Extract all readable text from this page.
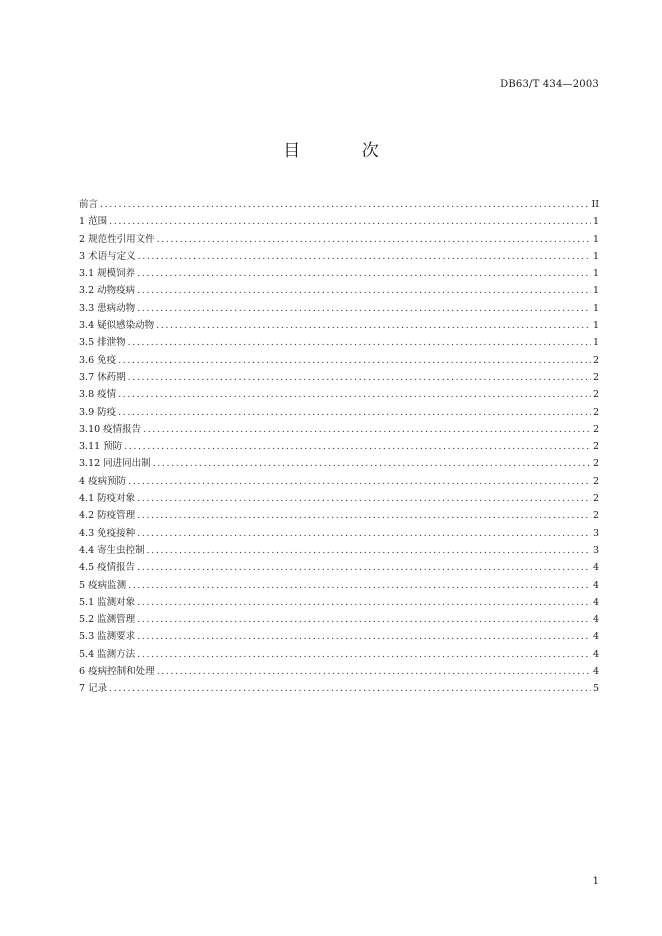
DB63/T 434—2003
目 次
前言 .....	II
1 范围 .....	1
2 规范性引用文件 .....	1
3 术语与定义 .....	1
3.1 规模饲养 .....	1
3.2 动物疫病 .....	1
3.3 患病动物 .....	1
3.4 疑似感染动物 .....	1
3.5 排泄物 .....	1
3.6 免疫 .....	2
3.7 休药期 .....	2
3.8 疫情 .....	2
3.9 防疫 .....	2
3.10 疫情报告 .....	2
3.11 预防 .....	2
3.12 同进同出制 .....	2
4 疫病预防 .....	2
4.1 防疫对象 .....	2
4.2 防疫管理 .....	2
4.3 免疫接种 .....	3
4.4 寄生虫控制 .....	3
4.5 疫情报告 .....	4
5 疫病监测 .....	4
5.1 监测对象 .....	4
5.2 监测管理 .....	4
5.3 监测要求 .....	4
5.4 监测方法 .....	4
6 疫病控制和处理 .....	4
7 记录 .....	5
1
